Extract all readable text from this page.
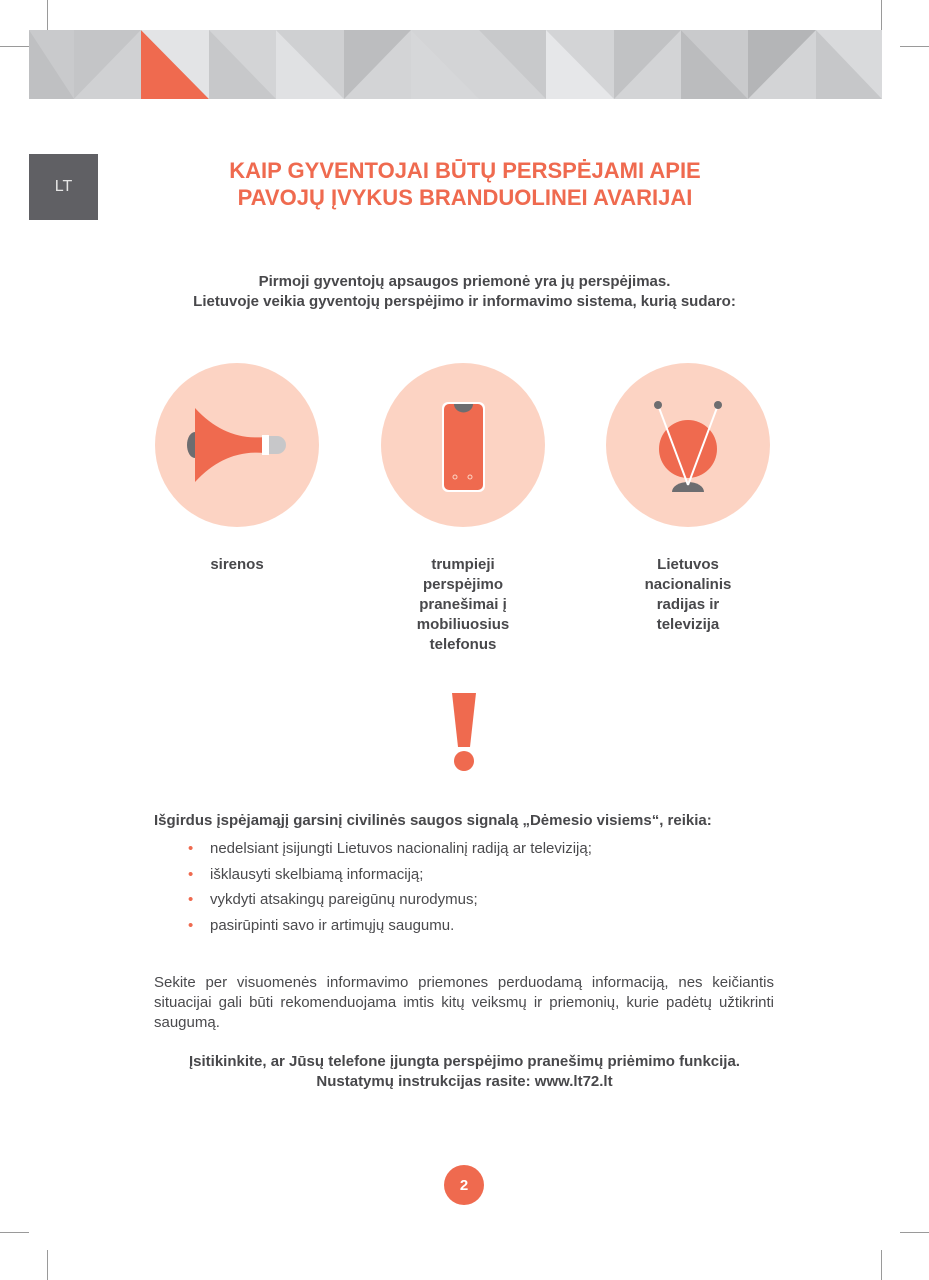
LT
KAIP GYVENTOJAI BŪTŲ PERSPĖJAMI APIE
PAVOJŲ ĮVYKUS BRANDUOLINEI AVARIJAI
Pirmoji gyventojų apsaugos priemonė yra jų perspėjimas.
Lietuvoje veikia gyventojų perspėjimo ir informavimo sistema, kurią sudaro:
sirenos	trumpieji
perspėjimo
pranešimai į
mobiliuosius
telefonus
Lietuvos
nacionalinis
radijas ir
televizija
Išgirdus įspėjamąjį garsinį civilinės saugos signalą „Dėmesio visiems“, reikia:
• nedelsiant įsijungti Lietuvos nacionalinį radiją ar televiziją;
• išklausyti skelbiamą informaciją;
• vykdyti atsakingų pareigūnų nurodymus;
• pasirūpinti savo ir artimųjų saugumu.
Sekite per visuomenės informavimo priemones perduodamą informaciją, nes keičiantis situacijai gali būti rekomenduojama imtis kitų veiksmų ir priemonių, kurie padėtų užtikrinti saugumą.
Įsitikinkite, ar Jūsų telefone įjungta perspėjimo pranešimų priėmimo funkcija.
Nustatymų instrukcijas rasite: www.lt72.lt
2
